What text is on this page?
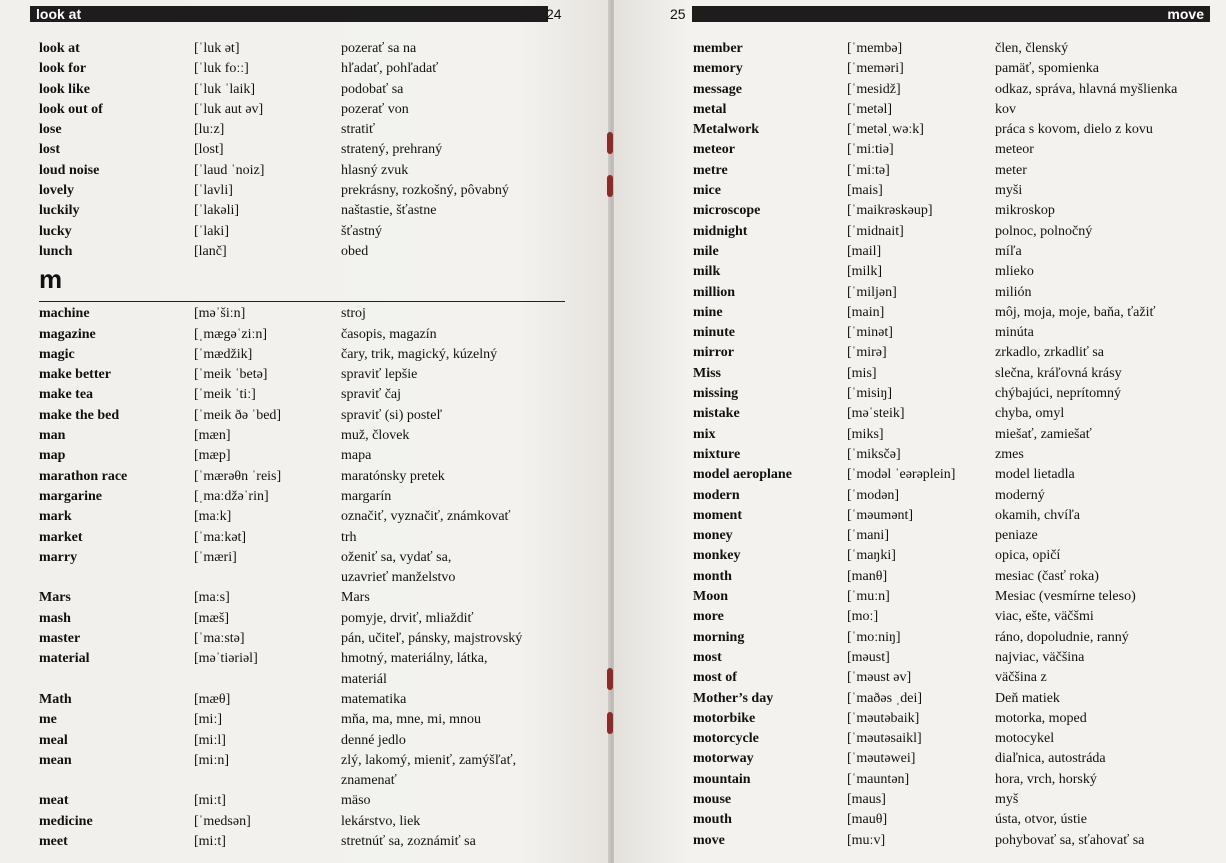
look at	24
look at	[ˈluk ət]	pozerať sa na
look for	[ˈluk foːː]	hľadať, pohľadať
look like	[ˈluk ˈlaik]	podobať sa
look out of	[ˈluk aut əv]	pozerať von
lose	[luːz]	stratiť
lost	[lost]	stratený, prehraný
loud noise	[ˈlaud ˈnoiz]	hlasný zvuk
lovely	[ˈlavli]	prekrásny, rozkošný, pôvabný
luckily	[ˈlakəli]	naštastie, šťastne
lucky	[ˈlaki]	šťastný
lunch	[lanč]	obed
m
machine	[məˈšiːn]	stroj
magazine	[ˌmægəˈziːn]	časopis, magazín
magic	[ˈmædžik]	čary, trik, magický, kúzelný
make better	[ˈmeik ˈbetə]	spraviť lepšie
make tea	[ˈmeik ˈtiː]	spraviť čaj
make the bed	[ˈmeik ðə ˈbed]	spraviť (si) posteľ
man	[mæn]	muž, človek
map	[mæp]	mapa
marathon race	[ˈmærəθn ˈreis]	maratónsky pretek
margarine	[ˌmaːdžəˈrin]	margarín
mark	[maːk]	označiť, vyznačiť, známkovať
market	[ˈmaːkət]	trh
marry	[ˈmæri]	oženiť sa, vydať sa,
uzavrieť manželstvo
Mars	[maːs]	Mars
mash	[mæš]	pomyje, drviť, mliaždiť
master	[ˈmaːstə]	pán, učiteľ, pánsky, majstrovský
material	[məˈtiəriəl]	hmotný, materiálny, látka,
materiál
Math	[mæθ]	matematika
me	[miː]	mňa, ma, mne, mi, mnou
meal	[miːl]	denné jedlo
mean	[miːn]	zlý, lakomý, mieniť, zamýšľať,
znamenať
meat	[miːt]	mäso
medicine	[ˈmedsən]	lekárstvo, liek
meet	[miːt]	stretnúť sa, zoznámiť sa
25	move
member	[ˈmembə]	člen, členský
memory	[ˈmeməri]	pamäť, spomienka
message	[ˈmesidž]	odkaz, správa, hlavná myšlienka
metal	[ˈmetəl]	kov
Metalwork	[ˈmetəlˌwəːk]	práca s kovom, dielo z kovu
meteor	[ˈmiːtiə]	meteor
metre	[ˈmiːtə]	meter
mice	[mais]	myši
microscope	[ˈmaikrəskəup]	mikroskop
midnight	[ˈmidnait]	polnoc, polnočný
mile	[mail]	míľa
milk	[milk]	mlieko
million	[ˈmiljən]	milión
mine	[main]	môj, moja, moje, baňa, ťažiť
minute	[ˈminət]	minúta
mirror	[ˈmirə]	zrkadlo, zrkadliť sa
Miss	[mis]	slečna, kráľovná krásy
missing	[ˈmisiŋ]	chýbajúci, neprítomný
mistake	[məˈsteik]	chyba, omyl
mix	[miks]	miešať, zamiešať
mixture	[ˈmiksčə]	zmes
model aeroplane	[ˈmodəl ˈeərəplein]	model lietadla
modern	[ˈmodən]	moderný
moment	[ˈməumənt]	okamih, chvíľa
money	[ˈmani]	peniaze
monkey	[ˈmaŋki]	opica, opičí
month	[manθ]	mesiac (časť roka)
Moon	[ˈmuːn]	Mesiac (vesmírne teleso)
more	[moː]	viac, ešte, väčšmi
morning	[ˈmoːniŋ]	ráno, dopoludnie, ranný
most	[məust]	najviac, väčšina
most of	[ˈməust əv]	väčšina z
Mother’s day	[ˈmaðəs ˌdei]	Deň matiek
motorbike	[ˈməutəbaik]	motorka, moped
motorcycle	[ˈməutəsaikl]	motocykel
motorway	[ˈməutəwei]	diaľnica, autostráda
mountain	[ˈmauntən]	hora, vrch, horský
mouse	[maus]	myš
mouth	[mauθ]	ústa, otvor, ústie
move	[muːv]	pohybovať sa, sťahovať sa
